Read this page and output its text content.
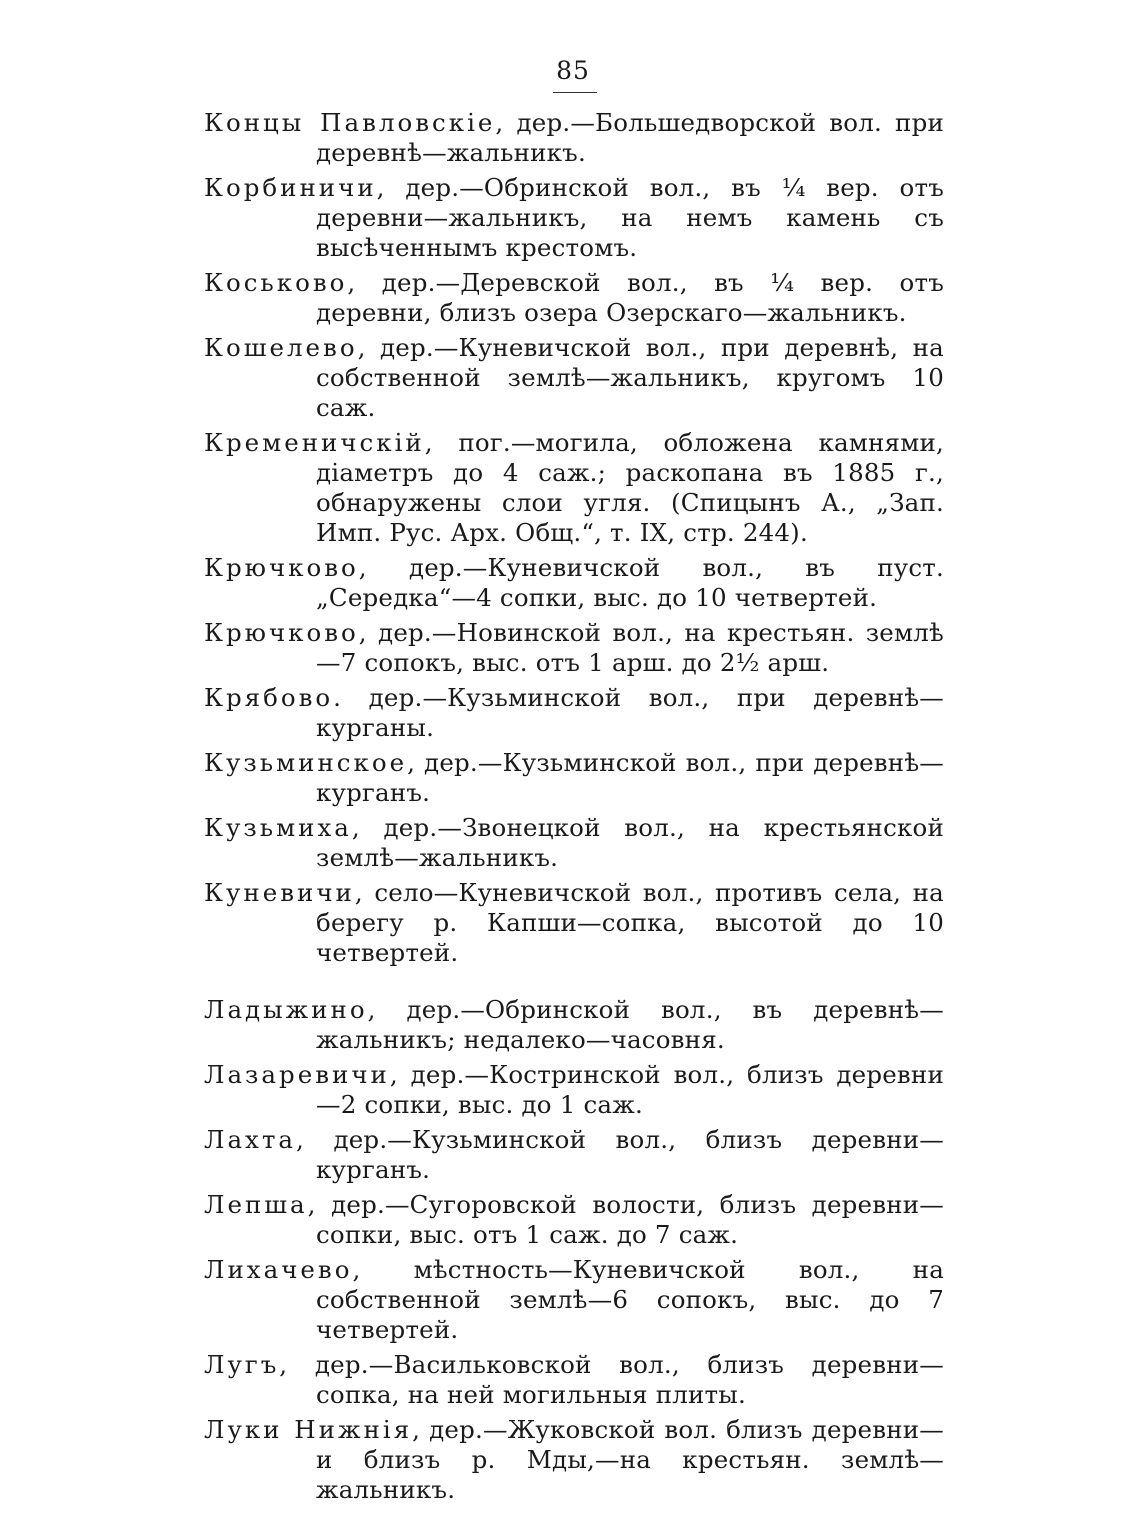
85
Концы Павловскіе, дер.—Большедворской вол. при деревнѣ—жальникъ.
Корбиничи, дер.—Обринской вол., въ ¼ вер. отъ деревни—жальникъ, на немъ камень съ высѣченнымъ крестомъ.
Коськово, дер.—Деревской вол., въ ¼ вер. отъ деревни, близъ озера Озерскаго—жальникъ.
Кошелево, дер.—Куневичской вол., при деревнѣ, на собственной землѣ—жальникъ, кругомъ 10 саж.
Кременичскій, пог.—могила, обложена камнями, діаметръ до 4 саж.; раскопана въ 1885 г., обнаружены слои угля. (Спицынъ А., „Зап. Имп. Рус. Арх. Общ.“, т. IX, стр. 244).
Крючково, дер.—Куневичской вол., въ пуст. „Середка“—4 сопки, выс. до 10 четвертей.
Крючково, дер.—Новинской вол., на крестьян. землѣ—7 сопокъ, выс. отъ 1 арш. до 2½ арш.
Крябово. дер.—Кузьминской вол., при деревнѣ—курганы.
Кузьминское, дер.—Кузьминской вол., при деревнѣ—курганъ.
Кузьмиха, дер.—Звонецкой вол., на крестьянской землѣ—жальникъ.
Куневичи, село—Куневичской вол., противъ села, на берегу р. Капши—сопка, высотой до 10 четвертей.
Ладыжино, дер.—Обринской вол., въ деревнѣ—жальникъ; недалеко—часовня.
Лазаревичи, дер.—Костринской вол., близъ деревни—2 сопки, выс. до 1 саж.
Лахта, дер.—Кузьминской вол., близъ деревни—курганъ.
Лепша, дер.—Сугоровской волости, близъ деревни—сопки, выс. отъ 1 саж. до 7 саж.
Лихачево, мѣстность—Куневичской вол., на собственной землѣ—6 сопокъ, выс. до 7 четвертей.
Лугъ, дер.—Васильковской вол., близъ деревни—сопка, на ней могильныя плиты.
Луки Нижнія, дер.—Жуковской вол. близъ деревни—и близъ р. Мды,—на крестьян. землѣ—жальникъ.
